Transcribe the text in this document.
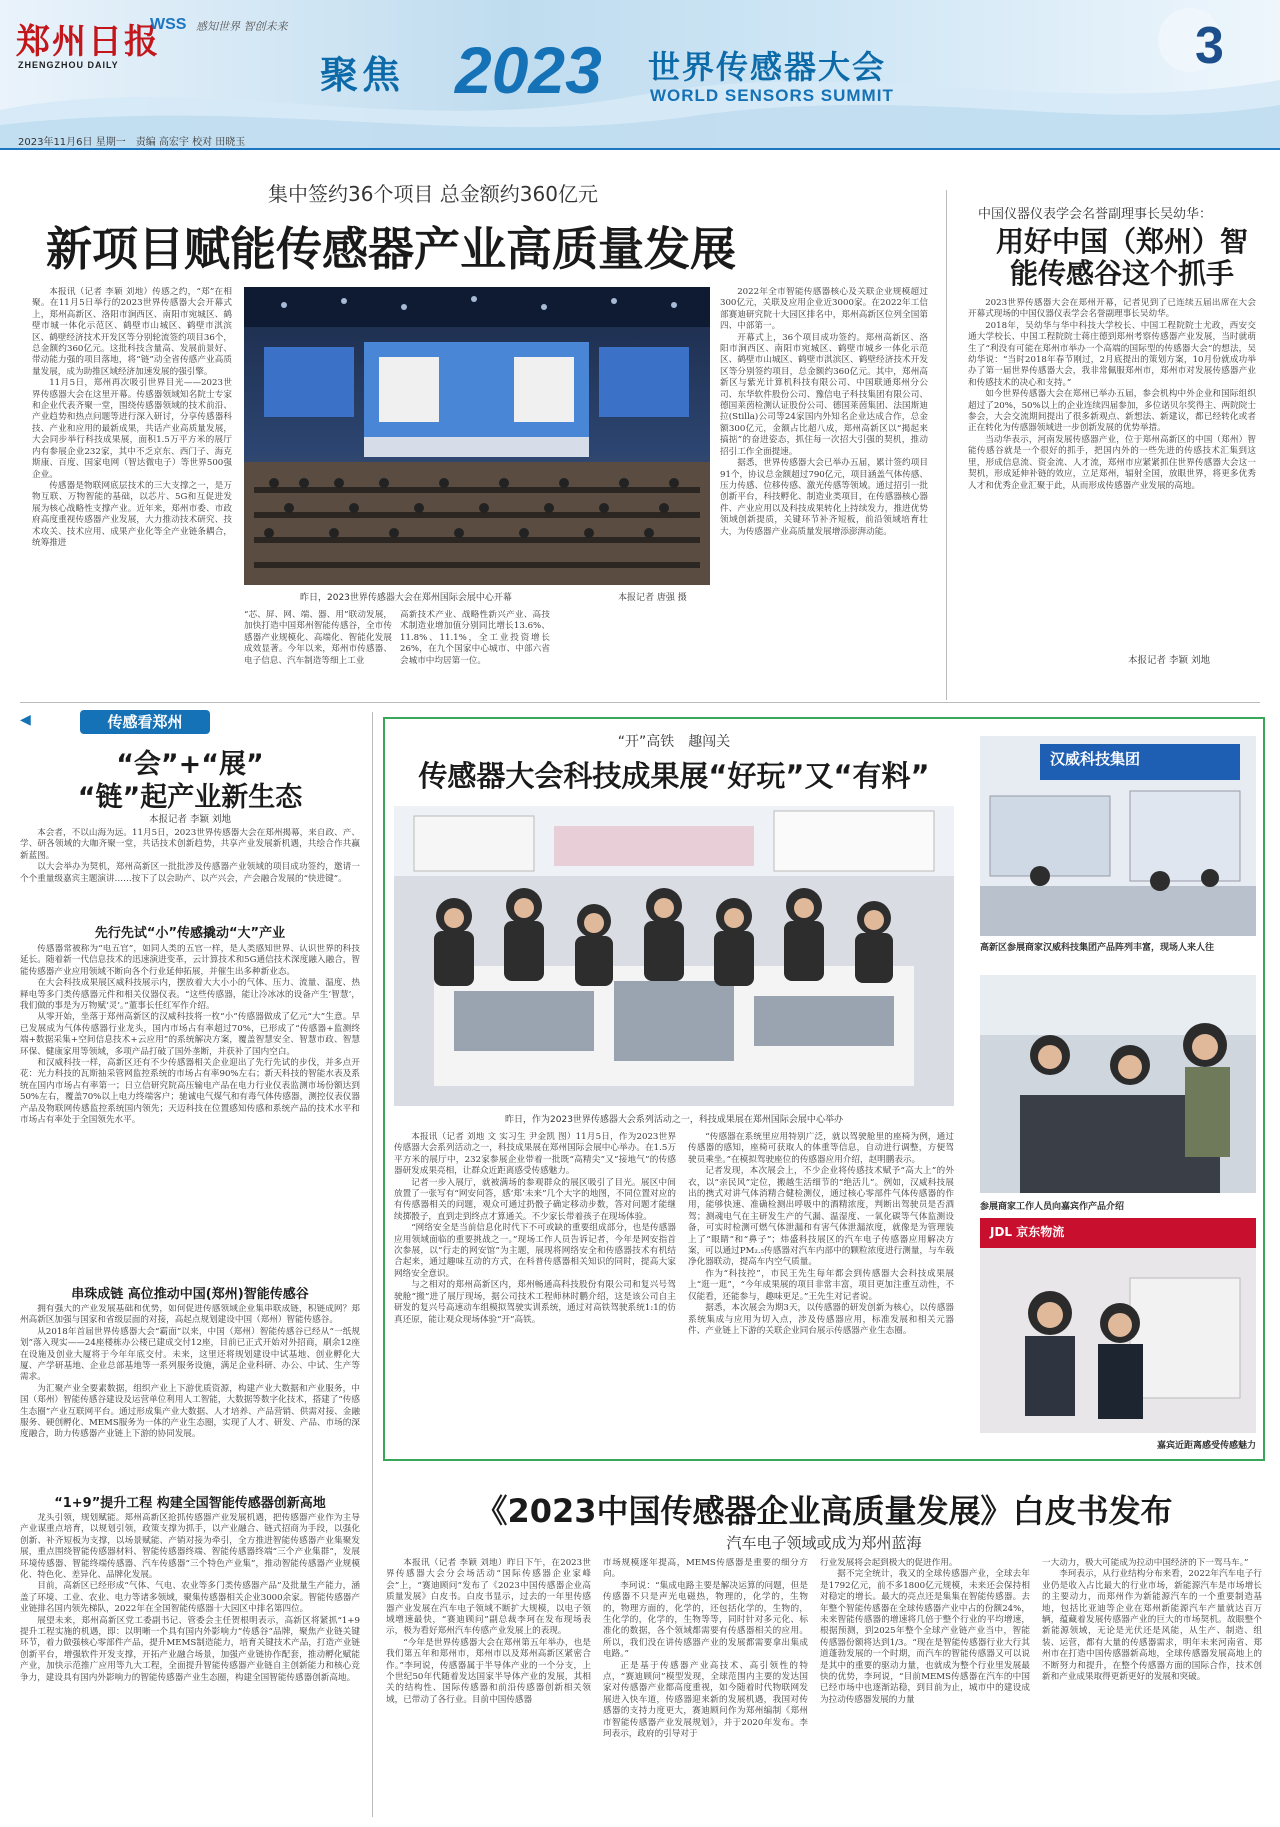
郑州日报
ZHENGZHOU DAILY
WSS 感知世界 智创未来
聚焦 2023 世界传感器大会
WORLD SENSORS SUMMIT
3
2023年11月6日 星期一　责编 高宏宇 校对 田晓玉
集中签约36个项目 总金额约360亿元
新项目赋能传感器产业高质量发展

本报讯（记者 李颖 刘地）传感之约，“郑”在相聚。在11月5日举行的2023世界传感器大会开幕式上，郑州高新区、洛阳市涧西区、南阳市宛城区、鹤壁市城一体化示范区、鹤壁市山城区、鹤壁市淇滨区、鹤壁经济技术开发区等分别轮流签约项目36个，总金额约360亿元。这批科技含量高、发展前景好、带动能力强的项目落地，将“链”动全省传感产业高质量发展，成为助推区域经济加速发展的强引擎。

11月5日，郑州再次吸引世界目光——2023世界传感器大会在这里开幕。传感器领域知名院士专家和企业代表齐聚一堂，围绕传感器领域的技术前沿、产业趋势和热点问题等进行深入研讨，分享传感器科技、产业和应用的最新成果，共话产业高质量发展，大会同步举行科技成果展，面积1.5万平方米的展厅内有参展企业232家，其中不乏京东、西门子、海克斯康、百度、国家电网（智达微电子）等世界500强企业。

传感器是物联网底层技术的三大支撑之一，是万物互联、万物智能的基础，以芯片、5G和互促进发展为核心战略性支撑产业。近年来，郑州市委、市政府高度重视传感器产业发展，大力推动技术研究、技术攻关、技术应用、成果产业化等全产业链条耦合，统筹推进

昨日，2023世界传感器大会在郑州国际会展中心开幕	本报记者 唐强 摄

“芯、屏、网、端、器、用”联动发展，加快打造中国郑州智能传感谷，全市传感器产业规模化、高端化、智能化发展成效显著。今年以来，郑州市传感器、电子信息、汽车制造等细上工业

高新技术产业、战略性新兴产业、高技术制造业增加值分别同比增长13.6%、11.8%、11.1%，全工业投资增长26%，在九个国家中心城市、中部六省会城市中均居第一位。

2022年全市智能传感器核心及关联企业规模超过300亿元，关联及应用企业近3000家。在2022年工信部赛迪研究院十大园区排名中，郑州高新区位列全国第四、中部第一。

开幕式上，36个项目成功签约。郑州高新区、洛阳市涧西区、南阳市宛城区、鹤壁市城乡一体化示范区、鹤壁市山城区、鹤壁市淇滨区、鹤壁经济技术开发区等分别签约项目，总金额约360亿元。其中，郑州高新区与紫光计算机科技有限公司、中国联通郑州分公司、东华软件股份公司、豫信电子科技集团有限公司、德国莱茵检测认证股份公司、德国莱茵集团、法国斯迪拉(Stilla)公司等24家国内外知名企业达成合作，总金额300亿元，金额占比超八成，郑州高新区以“揭起来搞掂”的奋进姿态，抓住每一次招大引强的契机，推动招引工作全面提速。

据悉，世界传感器大会已举办五届，累计签约项目91个，协议总金额超过790亿元，项目涵盖气体传感、压力传感、位移传感、激光传感等领域。通过招引一批创新平台，科技孵化、制造业类项目，在传感器核心器件、产业应用以及科技成果转化上持续发力，推进优势领域创新提质，关键环节补齐短板，前沿领域培育壮大，为传感器产业高质量发展增添澎湃动能。

中国仪器仪表学会名誉副理事长吴幼华：
用好中国（郑州）智能传感谷这个抓手

2023世界传感器大会在郑州开幕，记者见到了已连续五届出席在大会开幕式现场的中国仪器仪表学会名誉副理事长吴幼华。

2018年，吴幼华与华中科技大学校长、中国工程院院士尤政，西安交通大学校长、中国工程院院士蒋庄德到郑州考察传感器产业发展，当时就萌生了“利没有可能在郑州市举办一个高端的国际型的传感器大会”的想法，吴幼华说：“当时2018年春节刚过，2月底提出的策划方案，10月份就成功举办了第一届世界传感器大会，我非常佩服郑州市，郑州市对发展传感器产业和传感技术的决心和支持。”

如今世界传感器大会在郑州已举办五届，参会机构中外企业和国际组织超过了20%，50%以上的企业连续四届参加，多位诺贝尔奖得主、两院院士参会，大会交流期间提出了很多新观点、新想法、新建议，都已经转化或者正在转化为传感器领域进一步创新发展的优势举措。

当动华表示，河南发展传感器产业，位于郑州高新区的中国（郑州）智能传感谷就是一个很好的抓手，把国内外的一些先进的传感技术汇集到这里，形成信息流、资金流、人才流，郑州市应紧紧抓住世界传感器大会这一契机，形成延伸补链的效应，立足郑州，辐射全国，放眼世界，将更多优秀人才和优秀企业汇聚于此，从而形成传感器产业发展的高地。

本报记者 李颖 刘地
◀	传感看郑州
“会”+“展”
“链”起产业新生态
本报记者 李颖 刘地

本会者，不以山海为远。11月5日，2023世界传感器大会在郑州揭幕，来自政、产、学、研各领域的大咖齐聚一堂，共话技术创新趋势，共享产业发展新机遇，共绘合作共赢新蓝图。

以大会举办为契机，郑州高新区一批批涉及传感器产业领域的项目成功签约，邀请一个个重量级嘉宾主题演讲……按下了以会助产、以产兴会，产会融合发展的“快进键”。

先行先试“小”传感撬动“大”产业

传感器常被称为“电五官”，如同人类的五官一样，是人类感知世界、认识世界的科技延长。随着新一代信息技术的迅速演进变革，云计算技术和5G通信技术深度融入融合，智能传感器产业应用领域不断向各个行业延伸拓展，并催生出多种新业态。

在大会科技成果展区威科技展示内，摆放着大大小小的气体、压力、流量、温度、热释电等多门类传感器元件和相关仪器仪表。“这些传感器，能让冷冰冰的设备产生‘智慧’，我们做的事是为万物赋‘灵’。”董事长任红军作介绍。

从零开始，坐落于郑州高新区的汉威科技将一枚“小”传感器做成了亿元“大”生意。早已发展成为气体传感器行业龙头，国内市场占有率超过70%，已形成了“传感器+监测终端+数据采集+空间信息技术+云应用”的系统解决方案，覆盖智慧安全、智慧市政、智慧环保、健康家用等领域，多项产品打破了国外垄断，并获补了国内空白。

和汉威科技一样，高新区还有不少传感器相关企业迎出了先行先试的步伐，并多点开花：光力科技的瓦斯抽采管网监控系统的市场占有率90%左右；新天科技的智能水表及系统在国内市场占有率第一；日立信研究院高压输电产品在电力行业仪表监测市场份额达到50%左右，覆盖70%以上电力终端客户；驰诚电气煤气和有毒气体传感器，测控仪表仪器产品及物联网传感监控系统国内领先；天迈科技在位置感知传感和系统产品的技术水平和市场占有率处于全国领先水平。

串珠成链 高位推动中国(郑州)智能传感谷

拥有强大的产业发展基础和优势，如何促进传感领域企业集串联成链，积链成网？郑州高新区加强与国家和省级层面的对接，高起点规划建设中国（郑州）智能传感谷。

从2018年首届世界传感器大会“霸面”以来，中国（郑州）智能传感谷已经从“一纸规划”落入现实——24座楼栋办公楼已建成交付12座，目前已正式开始对外招商，刷余12座在设施及创业大厦将于今年年底交付。未来，这里还将规划建设中试基地、创业孵化大厦、产学研基地、企业总部基地等一系列服务设施，满足企业科研、办公、中试、生产等需求。

为汇聚产业全要素数据，组织产业上下游优质资源，构建产业大数据和产业服务，中国（郑州）智能传感谷建设及运营单位利用人工智能，大数据等数字化技术，搭建了“传感生态圈”产业互联网平台。通过形成集产业大数据、人才培养、产品营销、供需对接、金融服务、硬创孵化、MEMS服务为一体的产业生态圈，实现了人才、研发、产品、市场的深度融合，助力传感器产业链上下游的协同发展。

“1+9”提升工程 构建全国智能传感器创新高地

龙头引领，规划赋能。郑州高新区抢抓传感器产业发展机遇，把传感器产业作为主导产业谋重点培育，以规划引领，政策支撑为抓手，以产业融合、链式招商为手段，以强化创新、补齐短板为支撑，以场景赋能、产销对接为牵引，全方推进智能传感器产业集聚发展，重点围绕智能传感器材料、智能传感器终端、智能传感器终端“三个产业集群”，发展环境传感器、智能终端传感器、汽车传感器“三个特色产业集”，推动智能传感器产业规模化、特色化、差异化、品牌化发展。

目前，高新区已经形成“气体、气电、农业等多门类传感器产品”及批量生产能力，涵盖了环境、工业、农业、电力等诸多领域，聚集传感器相关企业3000余家。智能传感器产业链排名国内领先梯队，2022年在全国智能传感器十大园区中排名第四位。

展望未来，郑州高新区党工委副书记、管委会主任贺根明表示，高新区将紧抓“1+9提升工程实施的机遇，即：以明晰一个具有国内外影响力”传感谷“品牌，聚焦产业链关键环节，着力做强核心零部件产品，提升MEMS制造能力，培育关键技术产品，打造产业链创新平台，增强软件开发支撑，开拓产业融合场景，加强产业链协作配套，推动孵化赋能产业，加快示范推广应用等九大工程，全面提升智能传感器产业链自主创新能力和核心竞争力，建设具有国内外影响力的智能传感器产业生态圈，构建全国智能传感器创新高地。

“开”高铁　趣闯关
传感器大会科技成果展“好玩”又“有料”
昨日，作为2023世界传感器大会系列活动之一，科技成果展在郑州国际会展中心举办

本报讯（记者 刘地 文 实习生 尹金凯 图）11月5日，作为2023世界传感器大会系列活动之一，科技成果展在郑州国际会展中心举办。在1.5万平方米的展厅中，232家参展企业带着一批既“高精尖”又“接地气”的传感器研发成果亮相，让群众近距离感受传感魅力。

记者一步入展厅，就被满场的参观群众的展区吸引了目光。展区中间放置了一张写有“网安问答，感‘郑’未来”几个大字的地图，不同位置对应的有传感器相关的问题，观众可通过扔骰子确定移动步数，答对问题才能继续掷骰子，直到走到终点才算通关。不少家长带着孩子在现场体验。

“网络安全是当前信息化时代下不可或缺的重要组成部分，也是传感器应用领域面临的重要挑战之一。”现场工作人员告诉记者，今年是网安指首次参展，以“行走的网安馆”为主题，展现将网络安全和传感器技术有机结合起来，通过趣味互动的方式，在科普传感器相关知识的同时，提高大家网络安全意识。

与之相对的郑州高新区内，郑州畅通高科技股份有限公司和复兴号驾驶舱“搬”进了展厅现场，据公司技术工程师林时鹏介绍，这是该公司自主研发的复兴号高速动车组模拟驾驶实训系统，通过对高铁驾驶系统1:1的仿真还原，能让观众现场体验“开”高铁。

“传感器在系统里应用特别广泛，就以驾驶舱里的座椅为例，通过传感器的感知，座椅可获取人的体重等信息，自动进行调整，方便驾驶员乘坐。”在模拟驾驶座位的传感器应用介绍，赵明鹏表示。

记者发现，本次展会上，不少企业将传感技术赋予“高大上”的外衣，以“亲民风”定位，搬越生活细节的“绝活儿”。例如，汉威科技展出的携式对讲气体消精合健检测仪，通过核心零部件气体传感器的作用，能够快速、准确检测出呼吸中的酒精浓度，判断出驾驶员是否酒驾；测魂电气在主研发生产的气漏、温湿度、一氧化碳等气体监测设备，可实时检测可燃气体泄漏和有害气体泄漏浓度，就像是为管理装上了“眼睛”和“鼻子”；炜盛科技展区的汽车电子传感器应用解决方案，可以通过PM₂.₅传感器对汽车内部中的颗粒浓度进行测量，与车载净化器联动，提高车内空气质量。

作为“科技控”，市民王先生每年都会到传感器大会科技成果展上“逛一逛”，“今年成果展的项目非常丰富，项目更加注重互动性，不仅能看，还能参与，趣味更足。”王先生对记者说。

据悉，本次展会为期3天，以传感器的研发创新为核心，以传感器系统集成与应用为切入点，涉及传感器应用，标准发展和相关元器件、产业链上下游的关联企业同台展示传感器产业生态圈。

汉威科技集团
高新区参展商家汉威科技集团产品阵列丰富，现场人来人往
参展商家工作人员向嘉宾作产品介绍
JDL 京东物流
嘉宾近距离感受传感魅力
《2023中国传感器企业高质量发展》白皮书发布
汽车电子领域或成为郑州蓝海

本报讯（记者 李颖 刘地）昨日下午，在2023世界传感器大会分会场活动“国际传感器企业家峰会”上，“赛迪顾问”发布了《2023中国传感器企业高质量发展》白皮书。白皮书显示，过去的一年里传感器产业发展在汽车电子领域不断扩大规模，以电子领域增速最快，“赛迪顾问”副总裁李珂在发布现场表示，极为看好郑州汽车传感产业发展上的表现。

“今年是世界传感器大会在郑州第五年举办，也是我们第五年和郑州市，郑州市以及郑州高新区紧密合作。”李珂说，传感器属于半导体产业的一个分支，上个世纪50年代随着发达国家半导体产业的发展，其相关的结构性、国际传感器和前沿传感器创新相关领域，已带动了各行业。目前中国传感器

市场规模逐年提高，MEMS传感器是重要的细分方向。

李珂说：“集成电路主要是解决运算的问题，但是传感器不只是声光电磁热，物理的，化学的，生物的，物理方面的，化学的，还包括化学的，生物的，生化学的，化学的，生物等等，同时针对多元化、标准化的数据，各个领域都需要有传感器相关的应用。所以，我们没在讲传感器产业的发展都需要拿出集成电路。”

正是基于传感器产业高技术、高引领性的特点，“赛迪顾问”模型发现，全球范围内主要的发达国家对传感器产业都高度重视，如今随着时代物联网发展进入快车道，传感器迎来新的发展机遇，我国对传感器的支持力度更大，赛迪顾问作为郑州编制《郑州市智能传感器产业发展规划》，并于2020年发布。李珂表示，政府的引导对于

行业发展将会起到极大的促进作用。

据不完全统计，我又的全球传感器产业，全球去年是1792亿元，前不多1800亿元规模，未来还会保持相对稳定的增长。最大的亮点还是集集在智能传感器。去年整个智能传感器在全球传感器产业中占的份额24%，未来智能传感器的增速将几倍于整个行业的平均增速，根据预测，到2025年整个全球产业链产业当中，智能传感器份额将达到1/3。“现在是智能传感器行业大行其道蓬勃发展的一个时期，而汽车的智能传感器又可以说是其中的重要的驱动力量，也就成为整个行业里发展最快的优势，李珂说，“目前MEMS传感器在汽车的中国已经市场中也逐渐站稳，到目前为止，城市中的建设成为拉动传感器发展的力量

一大动力，极大可能成为拉动中国经济的下一驾马车。”

李珂表示，从行业结构分布来看，2022年汽车电子行业仍是收入占比最大的行业市场，新能源汽车是市场增长的主要动力，而郑州作为新能源汽车的一个重要制造基地，包括比亚迪等企业在郑州新能源汽车产量就达百万辆，蕴藏着发展传感器产业的巨大的市场契机。故眼整个新能源领域，无论是光伏还是风能，从生产、制造、组装、运营，都有大量的传感器需求，明年未来河南省、郑州市在打造中国传感器新高地，全球传感器发展高地上的不断努力和提升，在整个传感器方面的国际合作，技术创新和产业成果取得更新更好的发展和突破。
